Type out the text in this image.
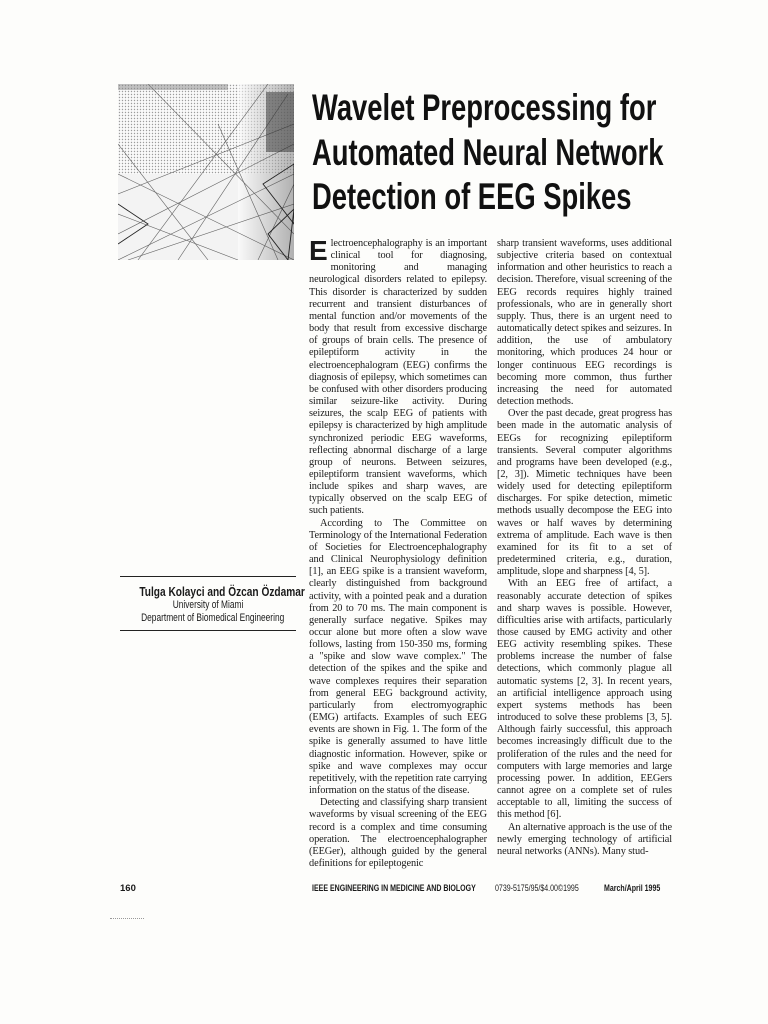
Wavelet Preprocessing for
Automated Neural Network
Detection of EEG Spikes
Tulga Kolayci and Özcan Özdamar
University of Miami
Department of Biomedical Engineering

Electroencephalography is an important clinical tool for diagnosing, monitoring and managing neurological disorders related to epilepsy. This disorder is characterized by sudden recurrent and transient disturbances of mental function and/or movements of the body that result from excessive discharge of groups of brain cells. The presence of epileptiform activity in the electroencephalogram (EEG) confirms the diagnosis of epilepsy, which sometimes can be confused with other disorders producing similar seizure-like activity. During seizures, the scalp EEG of patients with epilepsy is characterized by high amplitude synchronized periodic EEG waveforms, reflecting abnormal discharge of a large group of neurons. Between seizures, epileptiform transient waveforms, which include spikes and sharp waves, are typically observed on the scalp EEG of such patients.

According to The Committee on Terminology of the International Federation of Societies for Electroencephalography and Clinical Neurophysiology definition [1], an EEG spike is a transient waveform, clearly distinguished from background activity, with a pointed peak and a duration from 20 to 70 ms. The main component is generally surface negative. Spikes may occur alone but more often a slow wave follows, lasting from 150-350 ms, forming a "spike and slow wave complex." The detection of the spikes and the spike and wave complexes requires their separation from general EEG background activity, particularly from electromyographic (EMG) artifacts. Examples of such EEG events are shown in Fig. 1. The form of the spike is generally assumed to have little diagnostic information. However, spike or spike and wave complexes may occur repetitively, with the repetition rate carrying information on the status of the disease.

Detecting and classifying sharp transient waveforms by visual screening of the EEG record is a complex and time consuming operation. The electroencephalographer (EEGer), although guided by the general definitions for epileptogenic

sharp transient waveforms, uses additional subjective criteria based on contextual information and other heuristics to reach a decision. Therefore, visual screening of the EEG records requires highly trained professionals, who are in generally short supply. Thus, there is an urgent need to automatically detect spikes and seizures. In addition, the use of ambulatory monitoring, which produces 24 hour or longer continuous EEG recordings is becoming more common, thus further increasing the need for automated detection methods.

Over the past decade, great progress has been made in the automatic analysis of EEGs for recognizing epileptiform transients. Several computer algorithms and programs have been developed (e.g., [2, 3]). Mimetic techniques have been widely used for detecting epileptiform discharges. For spike detection, mimetic methods usually decompose the EEG into waves or half waves by determining extrema of amplitude. Each wave is then examined for its fit to a set of predetermined criteria, e.g., duration, amplitude, slope and sharpness [4, 5].

With an EEG free of artifact, a reasonably accurate detection of spikes and sharp waves is possible. However, difficulties arise with artifacts, particularly those caused by EMG activity and other EEG activity resembling spikes. These problems increase the number of false detections, which commonly plague all automatic systems [2, 3]. In recent years, an artificial intelligence approach using expert systems methods has been introduced to solve these problems [3, 5]. Although fairly successful, this approach becomes increasingly difficult due to the proliferation of the rules and the need for computers with large memories and large processing power. In addition, EEGers cannot agree on a complete set of rules acceptable to all, limiting the success of this method [6].

An alternative approach is the use of the newly emerging technology of artificial neural networks (ANNs). Many stud-

160	IEEE ENGINEERING IN MEDICINE AND BIOLOGY 0739-5175/95/$4.00©1995	March/April 1995
